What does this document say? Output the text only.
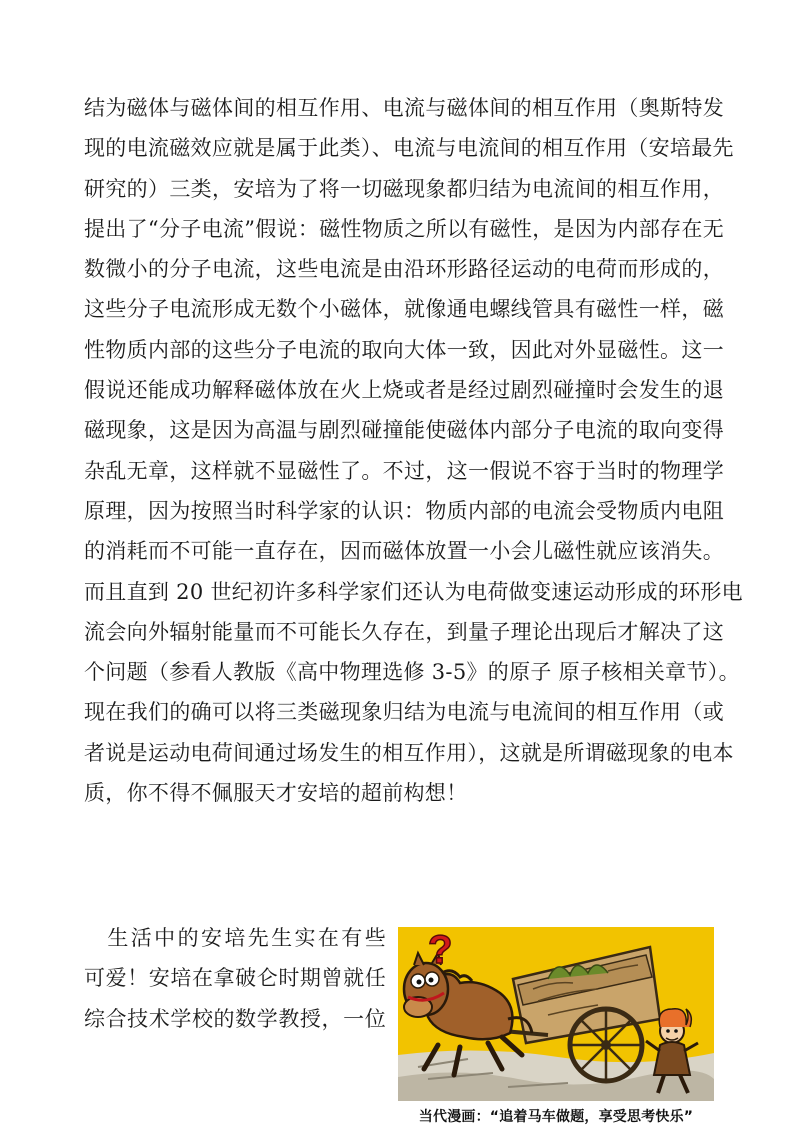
结为磁体与磁体间的相互作用、电流与磁体间的相互作用（奥斯特发
现的电流磁效应就是属于此类）、电流与电流间的相互作用（安培最先
研究的）三类，安培为了将一切磁现象都归结为电流间的相互作用，
提出了“分子电流”假说：磁性物质之所以有磁性，是因为内部存在无
数微小的分子电流，这些电流是由沿环形路径运动的电荷而形成的，
这些分子电流形成无数个小磁体，就像通电螺线管具有磁性一样，磁
性物质内部的这些分子电流的取向大体一致，因此对外显磁性。这一
假说还能成功解释磁体放在火上烧或者是经过剧烈碰撞时会发生的退
磁现象，这是因为高温与剧烈碰撞能使磁体内部分子电流的取向变得
杂乱无章，这样就不显磁性了。不过，这一假说不容于当时的物理学
原理，因为按照当时科学家的认识：物质内部的电流会受物质内电阻
的消耗而不可能一直存在，因而磁体放置一小会儿磁性就应该消失。
而且直到 20 世纪初许多科学家们还认为电荷做变速运动形成的环形电
流会向外辐射能量而不可能长久存在，到量子理论出现后才解决了这
个问题（参看人教版《高中物理选修 3-5》的原子 原子核相关章节）。
现在我们的确可以将三类磁现象归结为电流与电流间的相互作用（或
者说是运动电荷间通过场发生的相互作用），这就是所谓磁现象的电本
质，你不得不佩服天才安培的超前构想！
　生活中的安培先生实在有些
可爱！安培在拿破仑时期曾就任
综合技术学校的数学教授，一位
?
当代漫画：“追着马车做题，享受思考快乐”
